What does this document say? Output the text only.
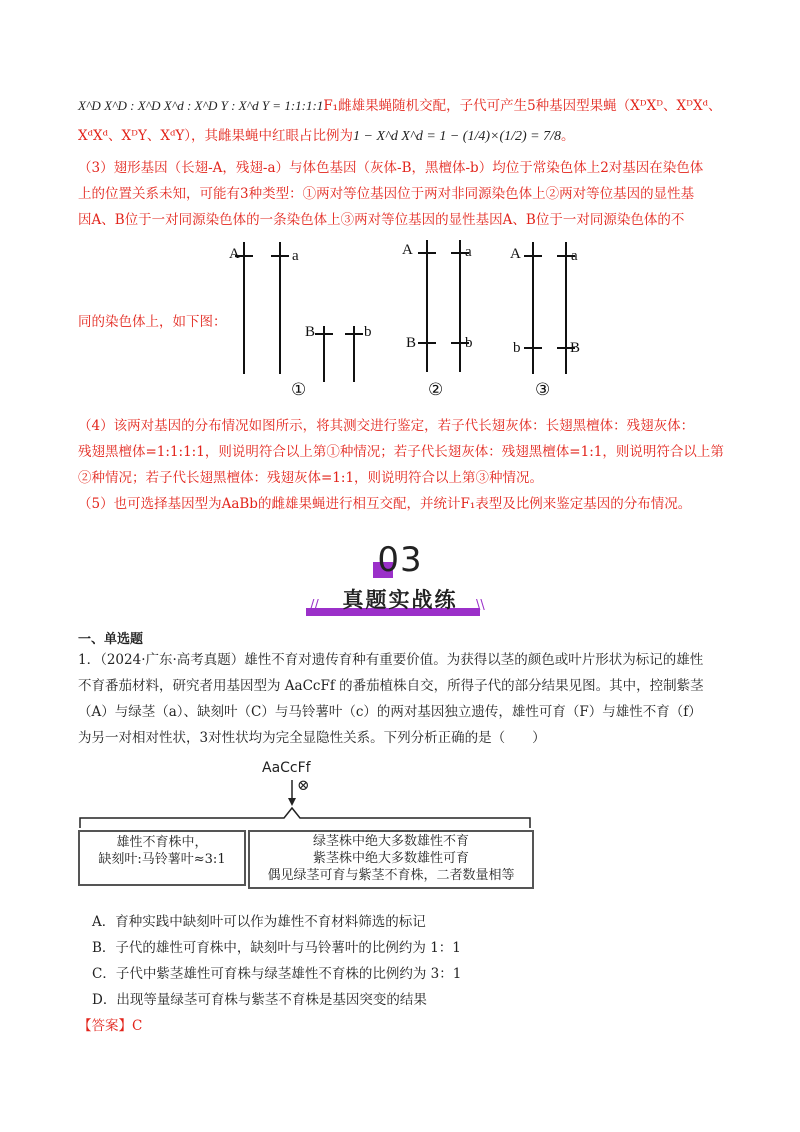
X^D X^D : X^D X^d : X^D Y : X^d Y = 1:1:1:1F₁雌雄果蝇随机交配，子代可产生5种基因型果蝇（XᴰXᴰ、XᴰXᵈ、
XᵈXᵈ、XᴰY、XᵈY），其雌果蝇中红眼占比例为1 − X^d X^d = 1 − (1/4)×(1/2) = 7/8。
（3）翅形基因（长翅-A，残翅-a）与体色基因（灰体-B，黑檀体-b）均位于常染色体上2对基因在染色体
上的位置关系未知，可能有3种类型：①两对等位基因位于两对非同源染色体上②两对等位基因的显性基
因A、B位于一对同源染色体的一条染色体上③两对等位基因的显性基因A、B位于一对同源染色体的不
同的染色体上，如下图：
A	a
B	b
A	a
B	b
A	a
b	B
①	②	③
（4）该两对基因的分布情况如图所示，将其测交进行鉴定，若子代长翅灰体：长翅黑檀体：残翅灰体：
残翅黑檀体=1:1:1:1，则说明符合以上第①种情况；若子代长翅灰体：残翅黑檀体=1:1，则说明符合以上第
②种情况；若子代长翅黑檀体：残翅灰体=1:1，则说明符合以上第③种情况。
（5）也可选择基因型为AaBb的雌雄果蝇进行相互交配，并统计F₁表型及比例来鉴定基因的分布情况。
03
//	\\
真题实战练
一、单选题
1．（2024·广东·高考真题）雄性不育对遗传育种有重要价值。为获得以茎的颜色或叶片形状为标记的雄性
不育番茄材料，研究者用基因型为 AaCcFf 的番茄植株自交，所得子代的部分结果见图。其中，控制紫茎
（A）与绿茎（a）、缺刻叶（C）与马铃薯叶（c）的两对基因独立遗传，雄性可育（F）与雄性不育（f）
为另一对相对性状，3对性状均为完全显隐性关系。下列分析正确的是（　　）
AaCcFf
⊗
雄性不育株中，
缺刻叶:马铃薯叶≈3:1
绿茎株中绝大多数雄性不育
紫茎株中绝大多数雄性可育
偶见绿茎可育与紫茎不育株，二者数量相等
A．育种实践中缺刻叶可以作为雄性不育材料筛选的标记
B．子代的雄性可育株中，缺刻叶与马铃薯叶的比例约为 1：1
C．子代中紫茎雄性可育株与绿茎雄性不育株的比例约为 3：1
D．出现等量绿茎可育株与紫茎不育株是基因突变的结果
【答案】C
